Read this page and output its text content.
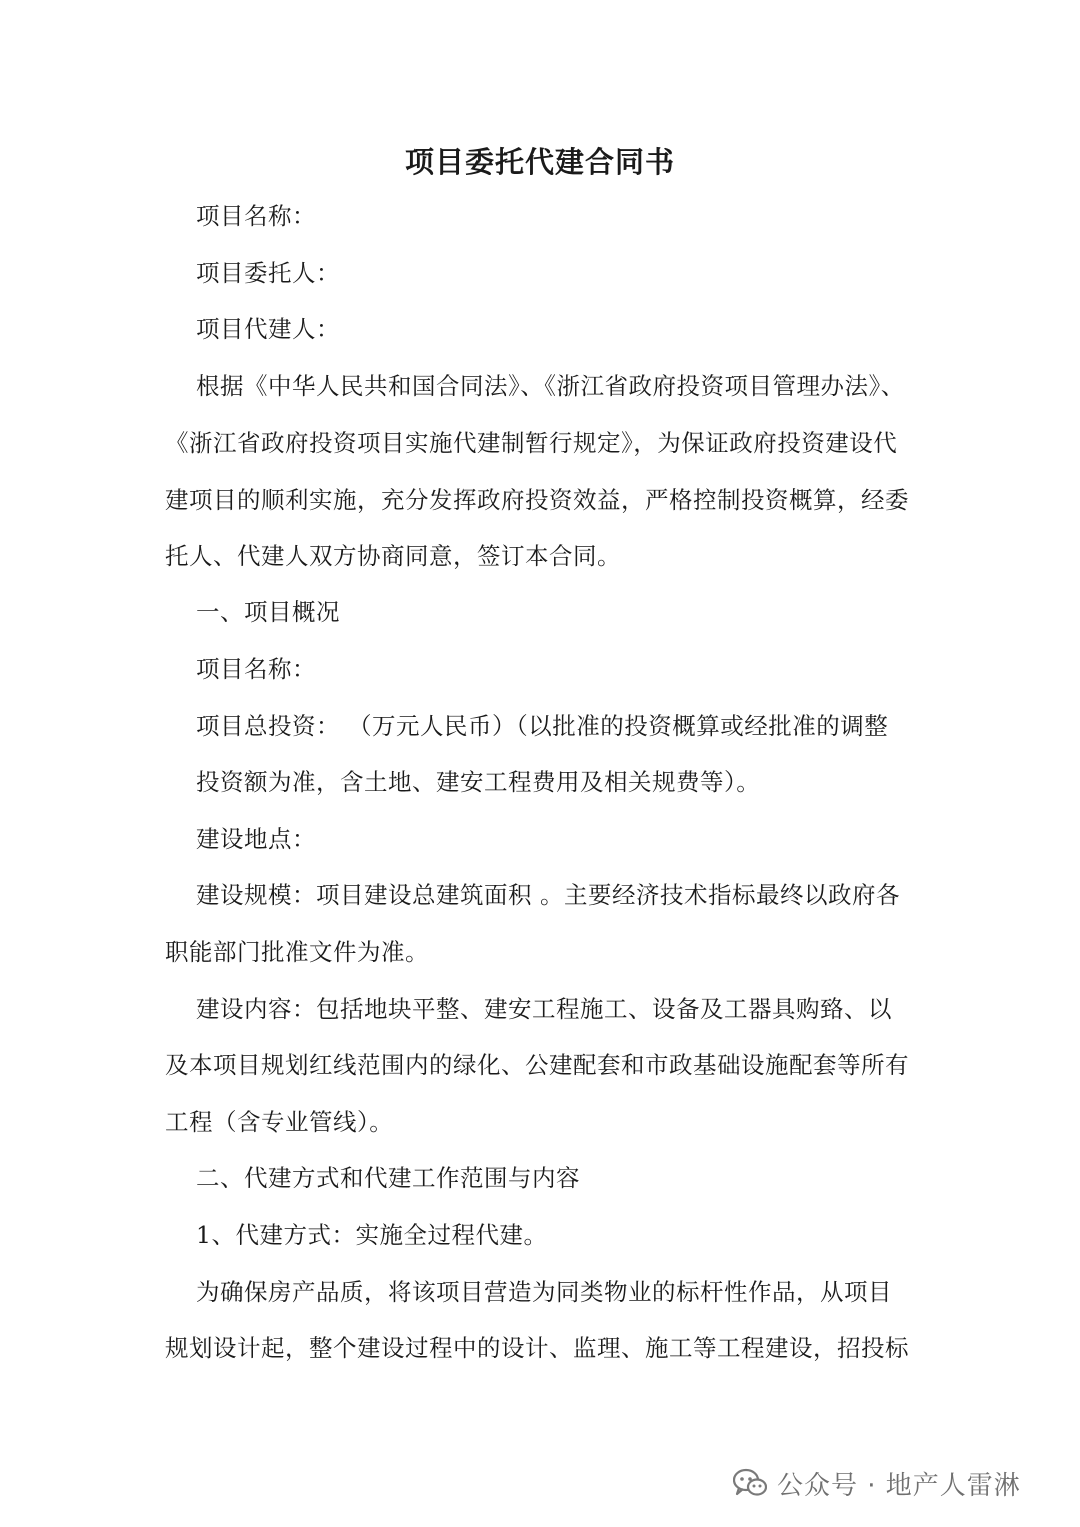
项目委托代建合同书
项目名称：
项目委托人：
项目代建人：
根据《中华人民共和国合同法》、《浙江省政府投资项目管理办法》、
《浙江省政府投资项目实施代建制暂行规定》，为保证政府投资建设代
建项目的顺利实施，充分发挥政府投资效益，严格控制投资概算，经委
托人、代建人双方协商同意，签订本合同。
一、项目概况
项目名称：
项目总投资： （万元人民币）（以批准的投资概算或经批准的调整
投资额为准，含土地、建安工程费用及相关规费等）。
建设地点：
建设规模：项目建设总建筑面积 。主要经济技术指标最终以政府各
职能部门批准文件为准。
建设内容：包括地块平整、建安工程施工、设备及工器具购臵、以
及本项目规划红线范围内的绿化、公建配套和市政基础设施配套等所有
工程（含专业管线）。
二、代建方式和代建工作范围与内容
1、代建方式：实施全过程代建。
为确保房产品质，将该项目营造为同类物业的标杆性作品，从项目
规划设计起，整个建设过程中的设计、监理、施工等工程建设，招投标
公众号 · 地产人雷淋
